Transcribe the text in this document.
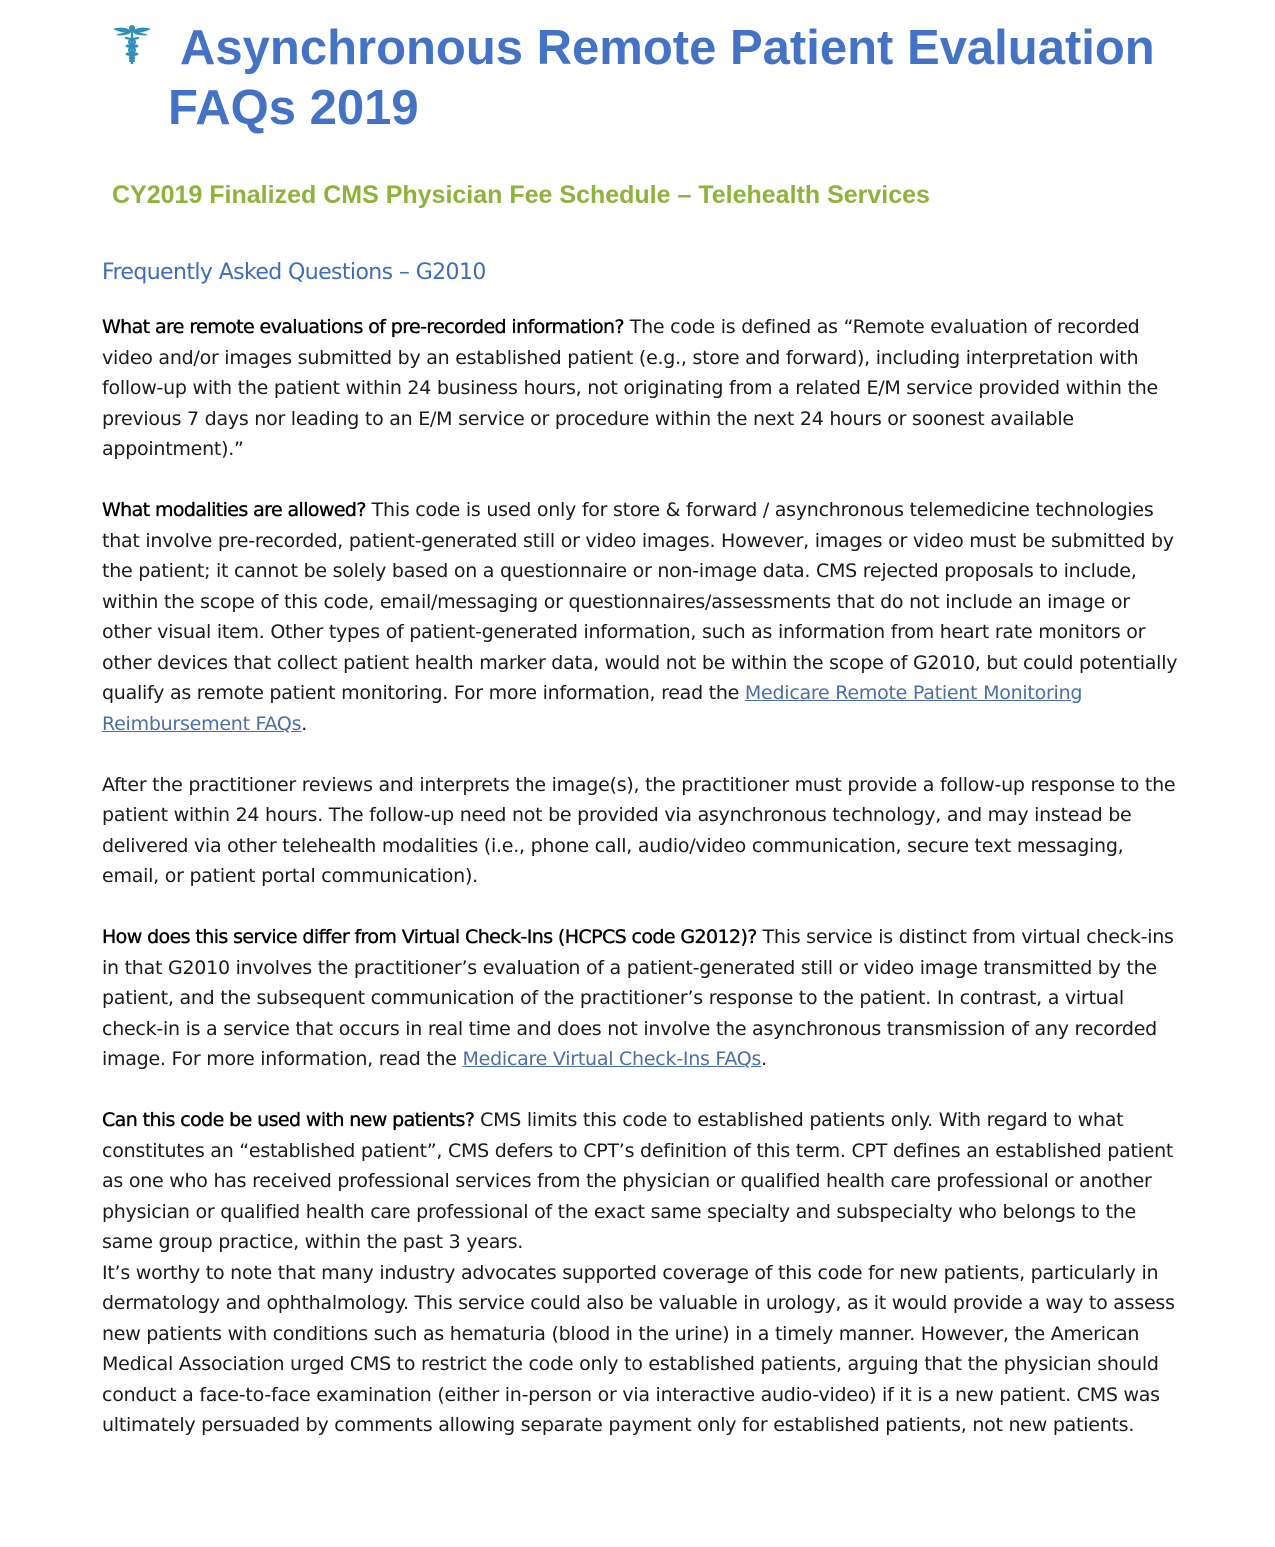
Asynchronous Remote Patient Evaluation
FAQs 2019
CY2019 Finalized CMS Physician Fee Schedule – Telehealth Services
Frequently Asked Questions – G2010

What are remote evaluations of pre-recorded information? The code is defined as “Remote evaluation of recorded video and/or images submitted by an established patient (e.g., store and forward), including interpretation with follow-up with the patient within 24 business hours, not originating from a related E/M service provided within the previous 7 days nor leading to an E/M service or procedure within the next 24 hours or soonest available appointment).”

What modalities are allowed? This code is used only for store & forward / asynchronous telemedicine technologies that involve pre-recorded, patient-generated still or video images. However, images or video must be submitted by the patient; it cannot be solely based on a questionnaire or non-image data. CMS rejected proposals to include, within the scope of this code, email/messaging or questionnaires/assessments that do not include an image or other visual item. Other types of patient-generated information, such as information from heart rate monitors or other devices that collect patient health marker data, would not be within the scope of G2010, but could potentially qualify as remote patient monitoring. For more information, read the Medicare Remote Patient Monitoring Reimbursement FAQs.

After the practitioner reviews and interprets the image(s), the practitioner must provide a follow-up response to the patient within 24 hours. The follow-up need not be provided via asynchronous technology, and may instead be delivered via other telehealth modalities (i.e., phone call, audio/video communication, secure text messaging, email, or patient portal communication).

How does this service differ from Virtual Check-Ins (HCPCS code G2012)? This service is distinct from virtual check-ins in that G2010 involves the practitioner’s evaluation of a patient-generated still or video image transmitted by the patient, and the subsequent communication of the practitioner’s response to the patient. In contrast, a virtual check-in is a service that occurs in real time and does not involve the asynchronous transmission of any recorded image. For more information, read the Medicare Virtual Check-Ins FAQs.

Can this code be used with new patients? CMS limits this code to established patients only. With regard to what constitutes an “established patient”, CMS defers to CPT’s definition of this term. CPT defines an established patient as one who has received professional services from the physician or qualified health care professional or another physician or qualified health care professional of the exact same specialty and subspecialty who belongs to the same group practice, within the past 3 years.

It’s worthy to note that many industry advocates supported coverage of this code for new patients, particularly in dermatology and ophthalmology. This service could also be valuable in urology, as it would provide a way to assess new patients with conditions such as hematuria (blood in the urine) in a timely manner. However, the American Medical Association urged CMS to restrict the code only to established patients, arguing that the physician should conduct a face-to-face examination (either in-person or via interactive audio-video) if it is a new patient. CMS was ultimately persuaded by comments allowing separate payment only for established patients, not new patients.
